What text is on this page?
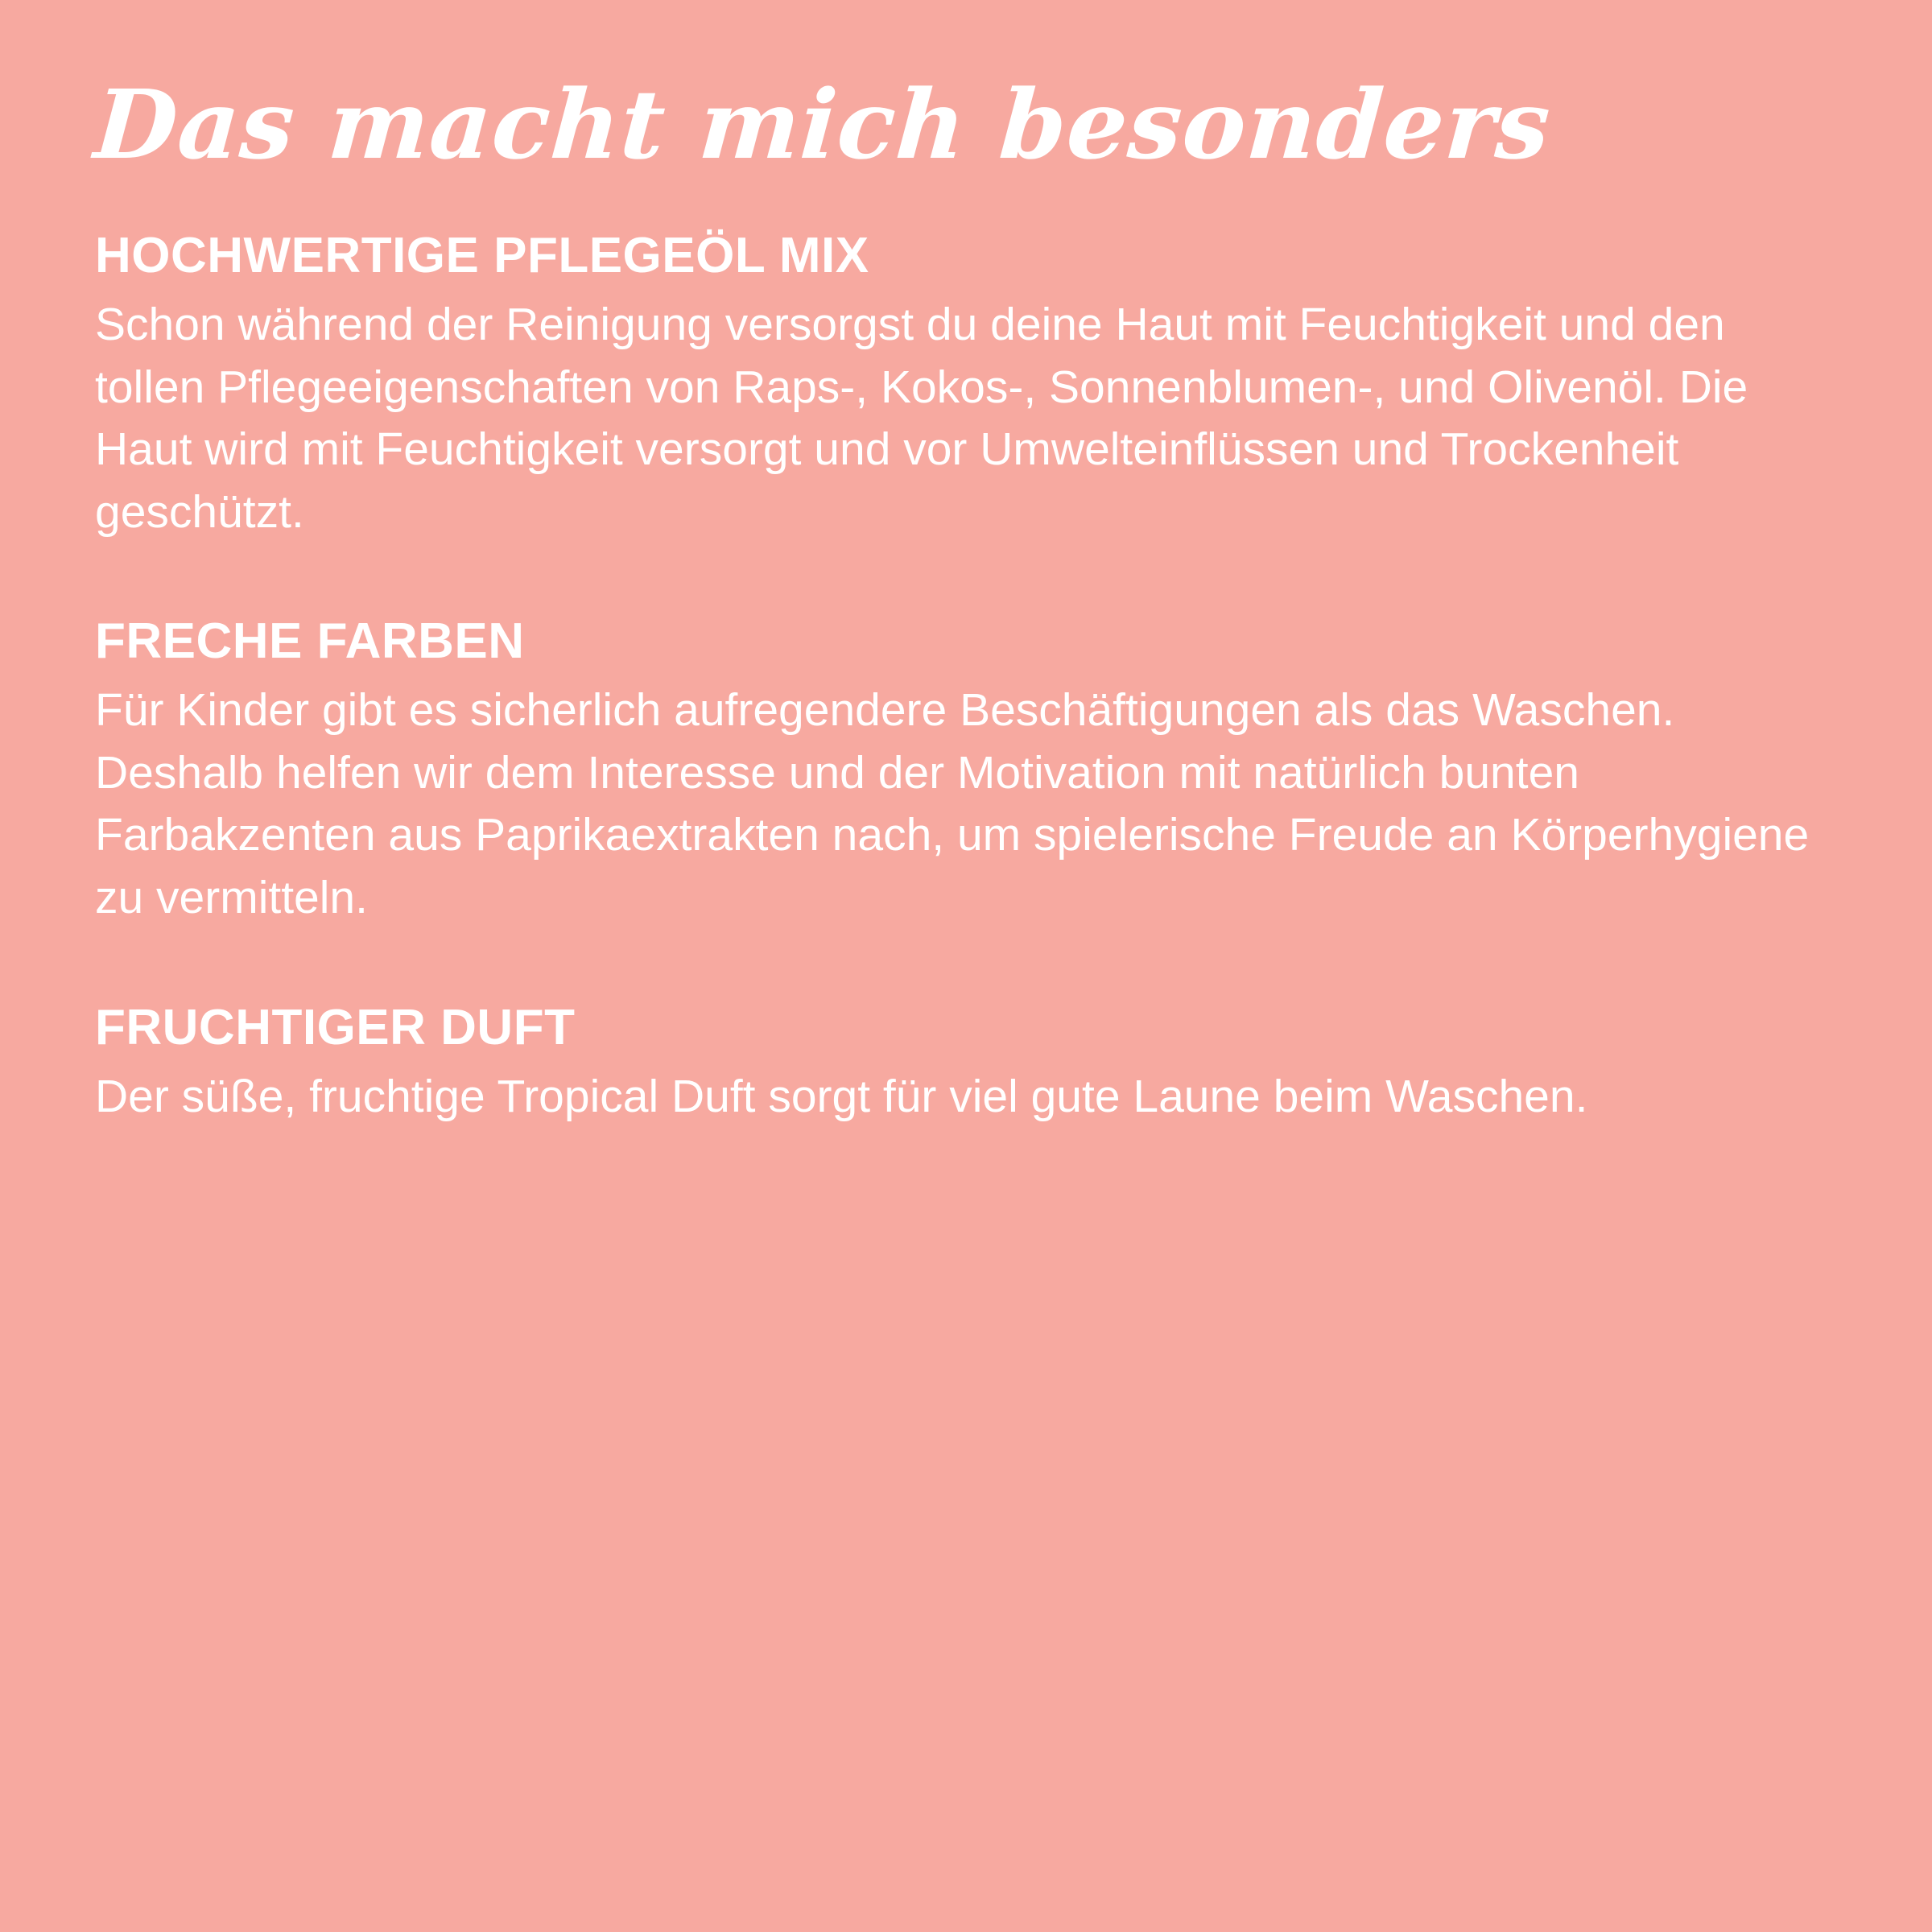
Das macht mich besonders
HOCHWERTIGE PFLEGEÖL MIX

Schon während der Reinigung versorgst du deine Haut mit Feuchtigkeit und den tollen Pflegeeigenschaften von Raps-, Kokos-, Sonnenblumen-, und Olivenöl. Die Haut wird mit Feuchtigkeit versorgt und vor Umwelteinflüssen und Trockenheit geschützt.

FRECHE FARBEN

Für Kinder gibt es sicherlich aufregendere Beschäftigungen als das Waschen. Deshalb helfen wir dem Interesse und der Motivation mit natürlich bunten Farbakzenten aus Paprikaextrakten nach, um spielerische Freude an Körperhygiene zu vermitteln.

FRUCHTIGER DUFT

Der süße, fruchtige Tropical Duft sorgt für viel gute Laune beim Waschen.
